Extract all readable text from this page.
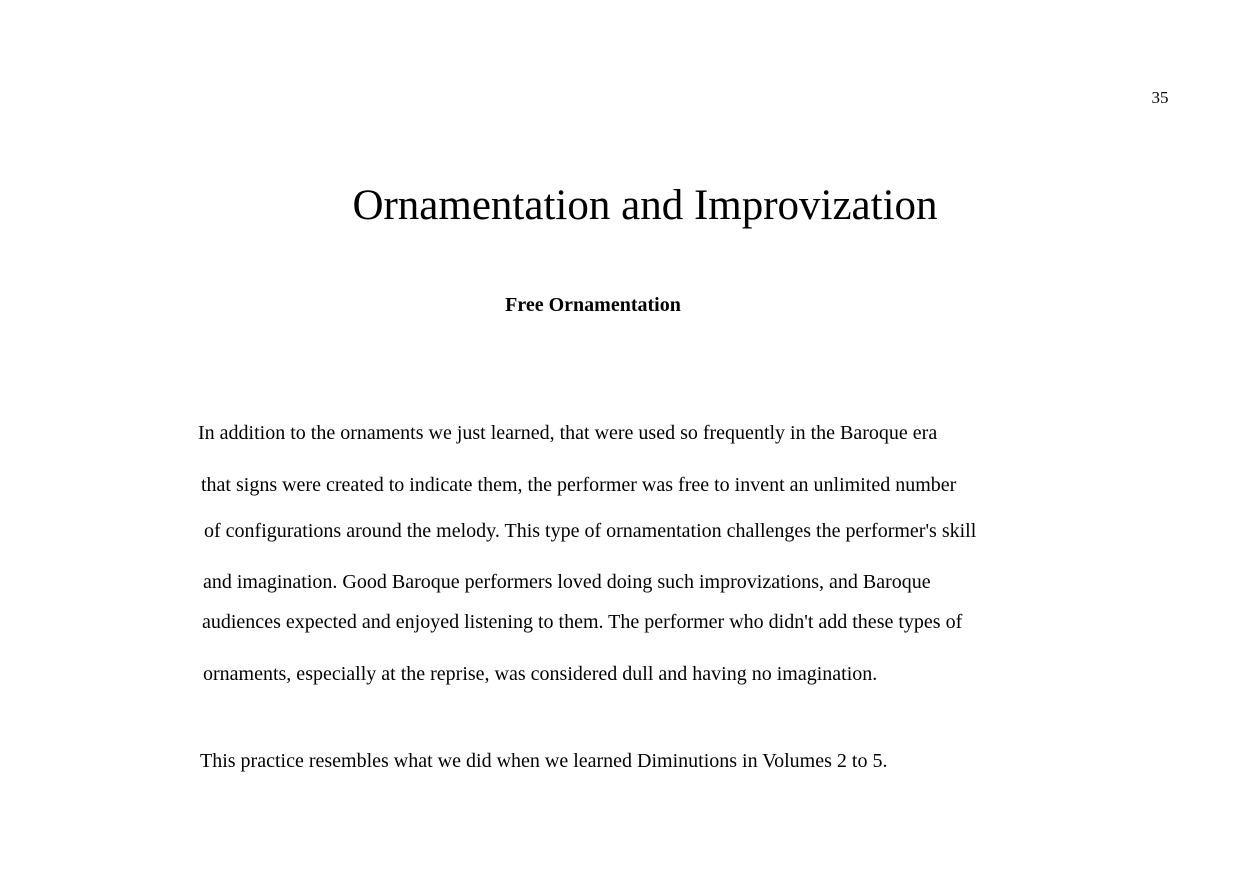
35
Ornamentation and Improvization
Free Ornamentation

In addition to the ornaments we just learned, that were used so frequently in the Baroque era

that signs were created to indicate them, the performer was free to invent an unlimited number

of configurations around the melody. This type of ornamentation challenges the performer's skill

and imagination. Good Baroque performers loved doing such improvizations, and Baroque

audiences expected and enjoyed listening to them. The performer who didn't add these types of

ornaments, especially at the reprise, was considered dull and having no imagination.

This practice resembles what we did when we learned Diminutions in Volumes 2 to 5.
